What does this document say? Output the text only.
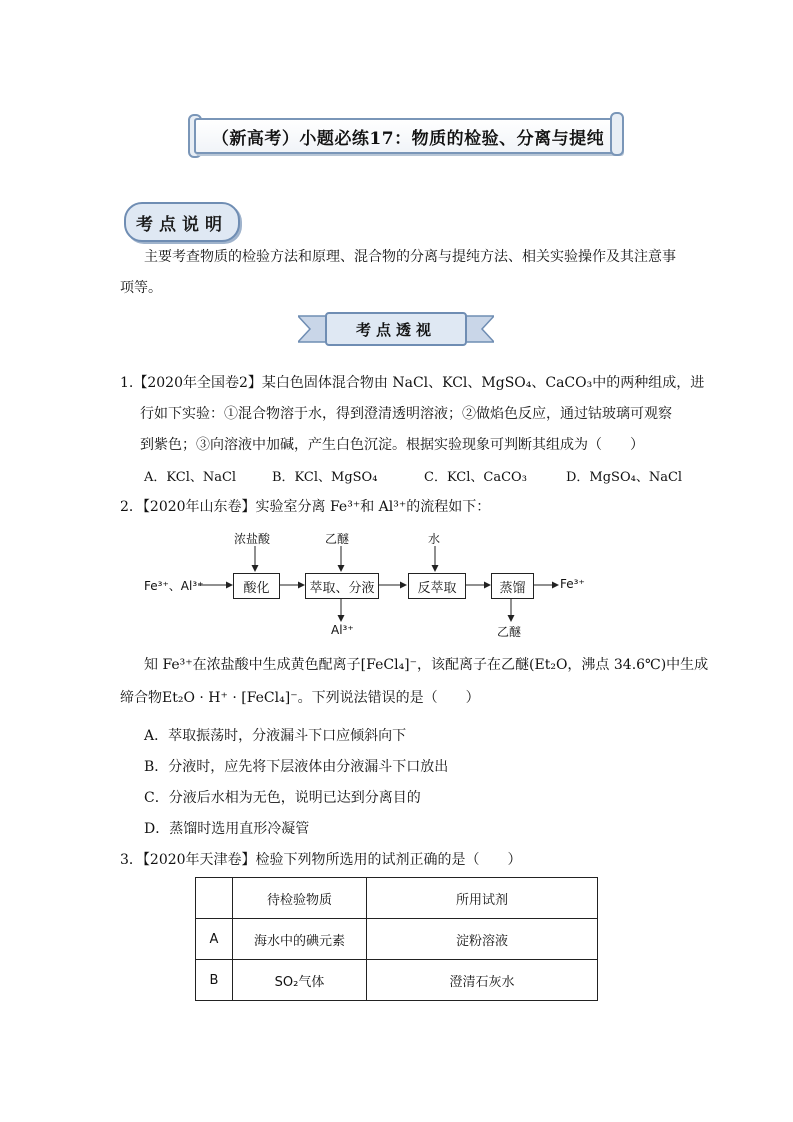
（新高考）小题必练17：物质的检验、分离与提纯
考点说明
主要考查物质的检验方法和原理、混合物的分离与提纯方法、相关实验操作及其注意事
项等。
考点透视
1.【2020年全国卷2】某白色固体混合物由 NaCl、KCl、MgSO₄、CaCO₃中的两种组成，进
行如下实验：①混合物溶于水，得到澄清透明溶液；②做焰色反应，通过钴玻璃可观察
到紫色；③向溶液中加碱，产生白色沉淀。根据实验现象可判断其组成为（　　）
A．KCl、NaCl	B．KCl、MgSO₄	C．KCl、CaCO₃	D．MgSO₄、NaCl
2．【2020年山东卷】实验室分离 Fe³⁺和 Al³⁺的流程如下：
Fe³⁺、Al³⁺	酸化	萃取、分液	反萃取	蒸馏
浓盐酸	乙醚	水
Fe³⁺
Al³⁺	乙醚
知 Fe³⁺在浓盐酸中生成黄色配离子[FeCl₄]⁻，该配离子在乙醚(Et₂O，沸点 34.6℃)中生成
缔合物Et₂O · H⁺ · [FeCl₄]⁻。下列说法错误的是（　　）
A．萃取振荡时，分液漏斗下口应倾斜向下
B．分液时，应先将下层液体由分液漏斗下口放出
C．分液后水相为无色，说明已达到分离目的
D．蒸馏时选用直形冷凝管
3．【2020年天津卷】检验下列物所选用的试剂正确的是（　　）
	待检验物质	所用试剂
A	海水中的碘元素	淀粉溶液
B	SO₂气体	澄清石灰水
